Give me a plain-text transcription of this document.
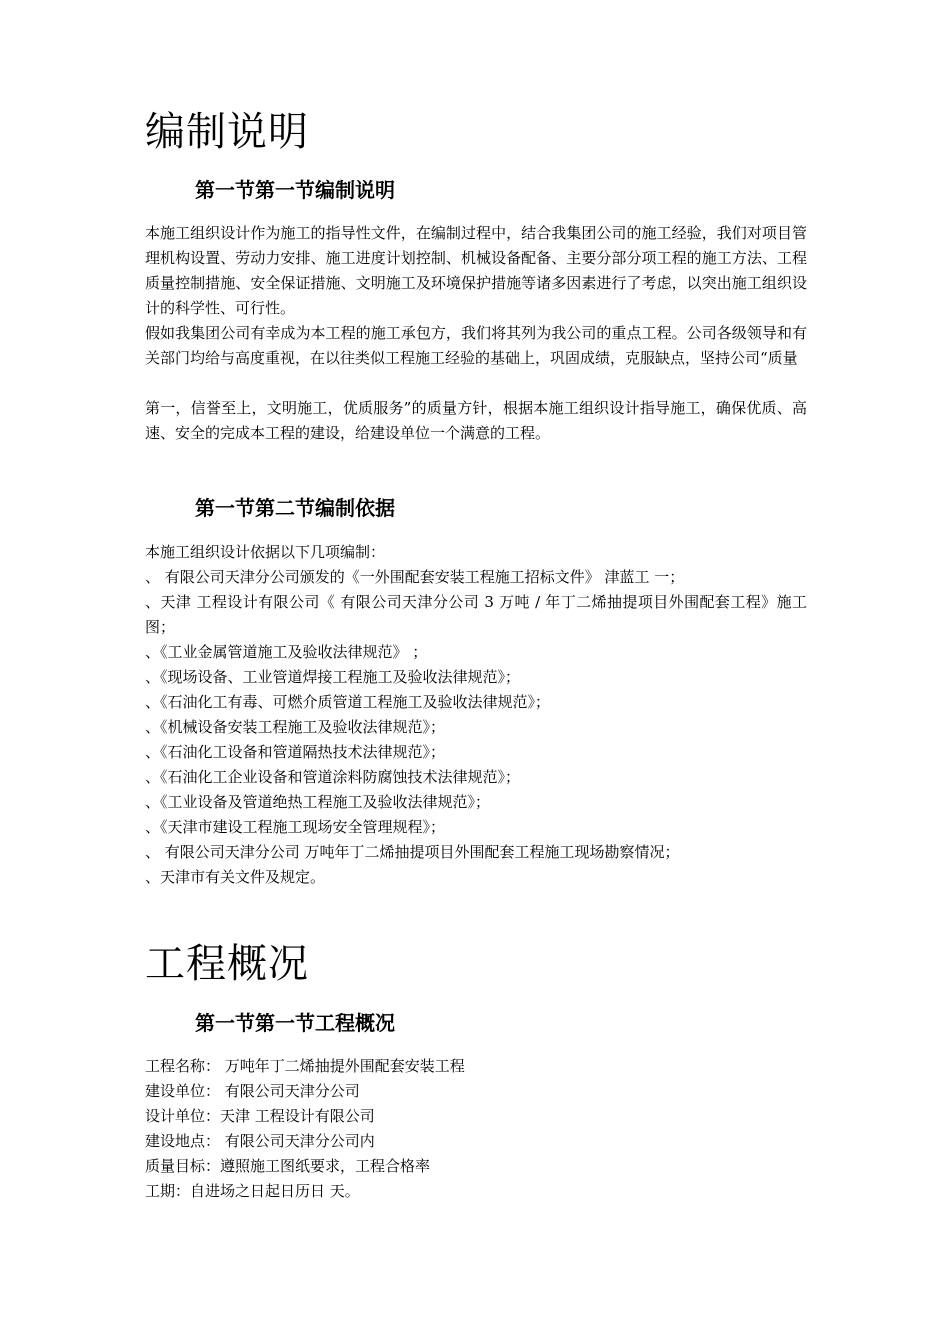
编制说明
第一节第一节编制说明
本施工组织设计作为施工的指导性文件，在编制过程中，结合我集团公司的施工经验，我们对项目管理机构设置、劳动力安排、施工进度计划控制、机械设备配备、主要分部分项工程的施工方法、工程质量控制措施、安全保证措施、文明施工及环境保护措施等诸多因素进行了考虑，以突出施工组织设计的科学性、可行性。
假如我集团公司有幸成为本工程的施工承包方，我们将其列为我公司的重点工程。公司各级领导和有关部门均给与高度重视，在以往类似工程施工经验的基础上，巩固成绩，克服缺点，坚持公司“质量
第一，信誉至上，文明施工，优质服务”的质量方针，根据本施工组织设计指导施工，确保优质、高速、安全的完成本工程的建设，给建设单位一个满意的工程。
第一节第二节编制依据
本施工组织设计依据以下几项编制：
、 有限公司天津分公司颁发的《一外围配套安装工程施工招标文件》 津蓝工 一；
、天津 工程设计有限公司《 有限公司天津分公司 3 万吨 / 年丁二烯抽提项目外围配套工程》施工图；
、《工业金属管道施工及验收法律规范》 ；
、《现场设备、工业管道焊接工程施工及验收法律规范》；
、《石油化工有毒、可燃介质管道工程施工及验收法律规范》；
、《机械设备安装工程施工及验收法律规范》；
、《石油化工设备和管道隔热技术法律规范》；
、《石油化工企业设备和管道涂料防腐蚀技术法律规范》；
、《工业设备及管道绝热工程施工及验收法律规范》；
、《天津市建设工程施工现场安全管理规程》；
、 有限公司天津分公司 万吨年丁二烯抽提项目外围配套工程施工现场勘察情况；
、天津市有关文件及规定。
工程概况
第一节第一节工程概况
工程名称： 万吨年丁二烯抽提外围配套安装工程
建设单位： 有限公司天津分公司
设计单位：天津 工程设计有限公司
建设地点： 有限公司天津分公司内
质量目标：遵照施工图纸要求，工程合格率
工期：自进场之日起日历日 天。
